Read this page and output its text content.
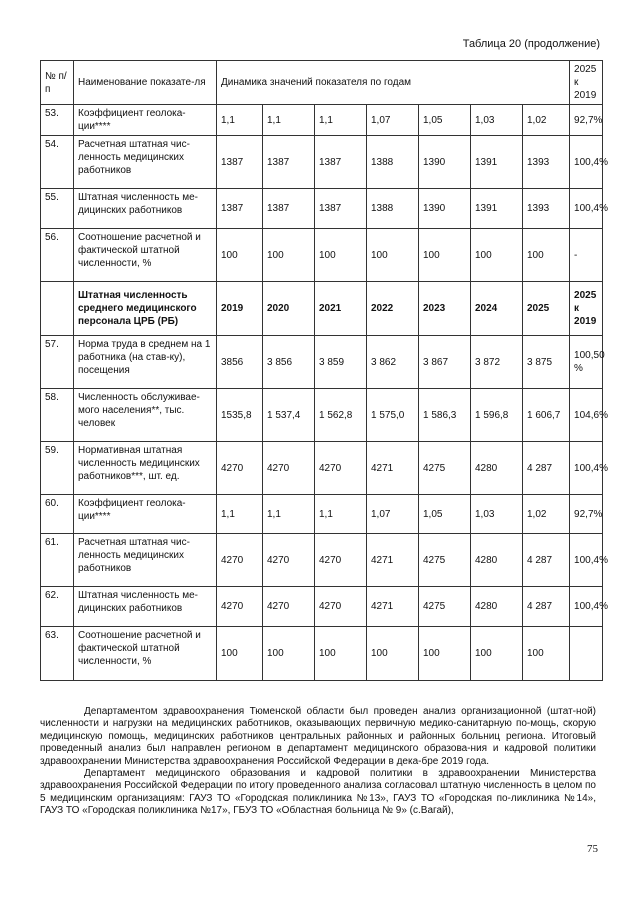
Таблица 20 (продолжение)
№ п/п	Наименование показате-ля	Динамика значений показателя по годам							2025 к 2019
53.	Коэффициент геолока-ции****	1,1	1,1	1,1	1,07	1,05	1,03	1,02	92,7%
54.	Расчетная штатная чис-ленность медицинских работников	1387	1387	1387	1388	1390	1391	1393	100,4%
55.	Штатная численность ме-дицинских работников	1387	1387	1387	1388	1390	1391	1393	100,4%
56.	Соотношение расчетной и фактической штатной численности, %	100	100	100	100	100	100	100	-
	Штатная численность среднего медицинского персонала ЦРБ (РБ)	2019	2020	2021	2022	2023	2024	2025	2025 к 2019
57.	Норма труда в среднем на 1 работника (на став-ку), посещения	3856	3 856	3 859	3 862	3 867	3 872	3 875	100,50 %
58.	Численность обслуживае-мого населения**, тыс. человек	1535,8	1 537,4	1 562,8	1 575,0	1 586,3	1 596,8	1 606,7	104,6%
59.	Нормативная штатная численность медицинских работников***, шт. ед.	4270	4270	4270	4271	4275	4280	4 287	100,4%
60.	Коэффициент геолока-ции****	1,1	1,1	1,1	1,07	1,05	1,03	1,02	92,7%
61.	Расчетная штатная чис-ленность медицинских работников	4270	4270	4270	4271	4275	4280	4 287	100,4%
62.	Штатная численность ме-дицинских работников	4270	4270	4270	4271	4275	4280	4 287	100,4%
63.	Соотношение расчетной и фактической штатной численности, %	100	100	100	100	100	100	100	

Департаментом здравоохранения Тюменской области был проведен анализ организационной (штат-ной) численности и нагрузки на медицинских работников, оказывающих первичную медико-санитарную по-мощь, скорую медицинскую помощь, медицинских работников центральных районных и районных больниц региона. Итоговый проведенный анализ был направлен регионом в департамент медицинского образова-ния и кадровой политики здравоохранении Министерства здравоохранения Российской Федерации в дека-бре 2019 года.

Департамент медицинского образования и кадровой политики в здравоохранении Министерства здравоохранения Российской Федерации по итогу проведенного анализа согласовал штатную численность в целом по 5 медицинским организациям: ГАУЗ ТО «Городская поликлиника №13», ГАУЗ ТО «Городская по-ликлиника №14», ГАУЗ ТО «Городская поликлиника №17», ГБУЗ ТО «Областная больница № 9» (с.Вагай),

75
